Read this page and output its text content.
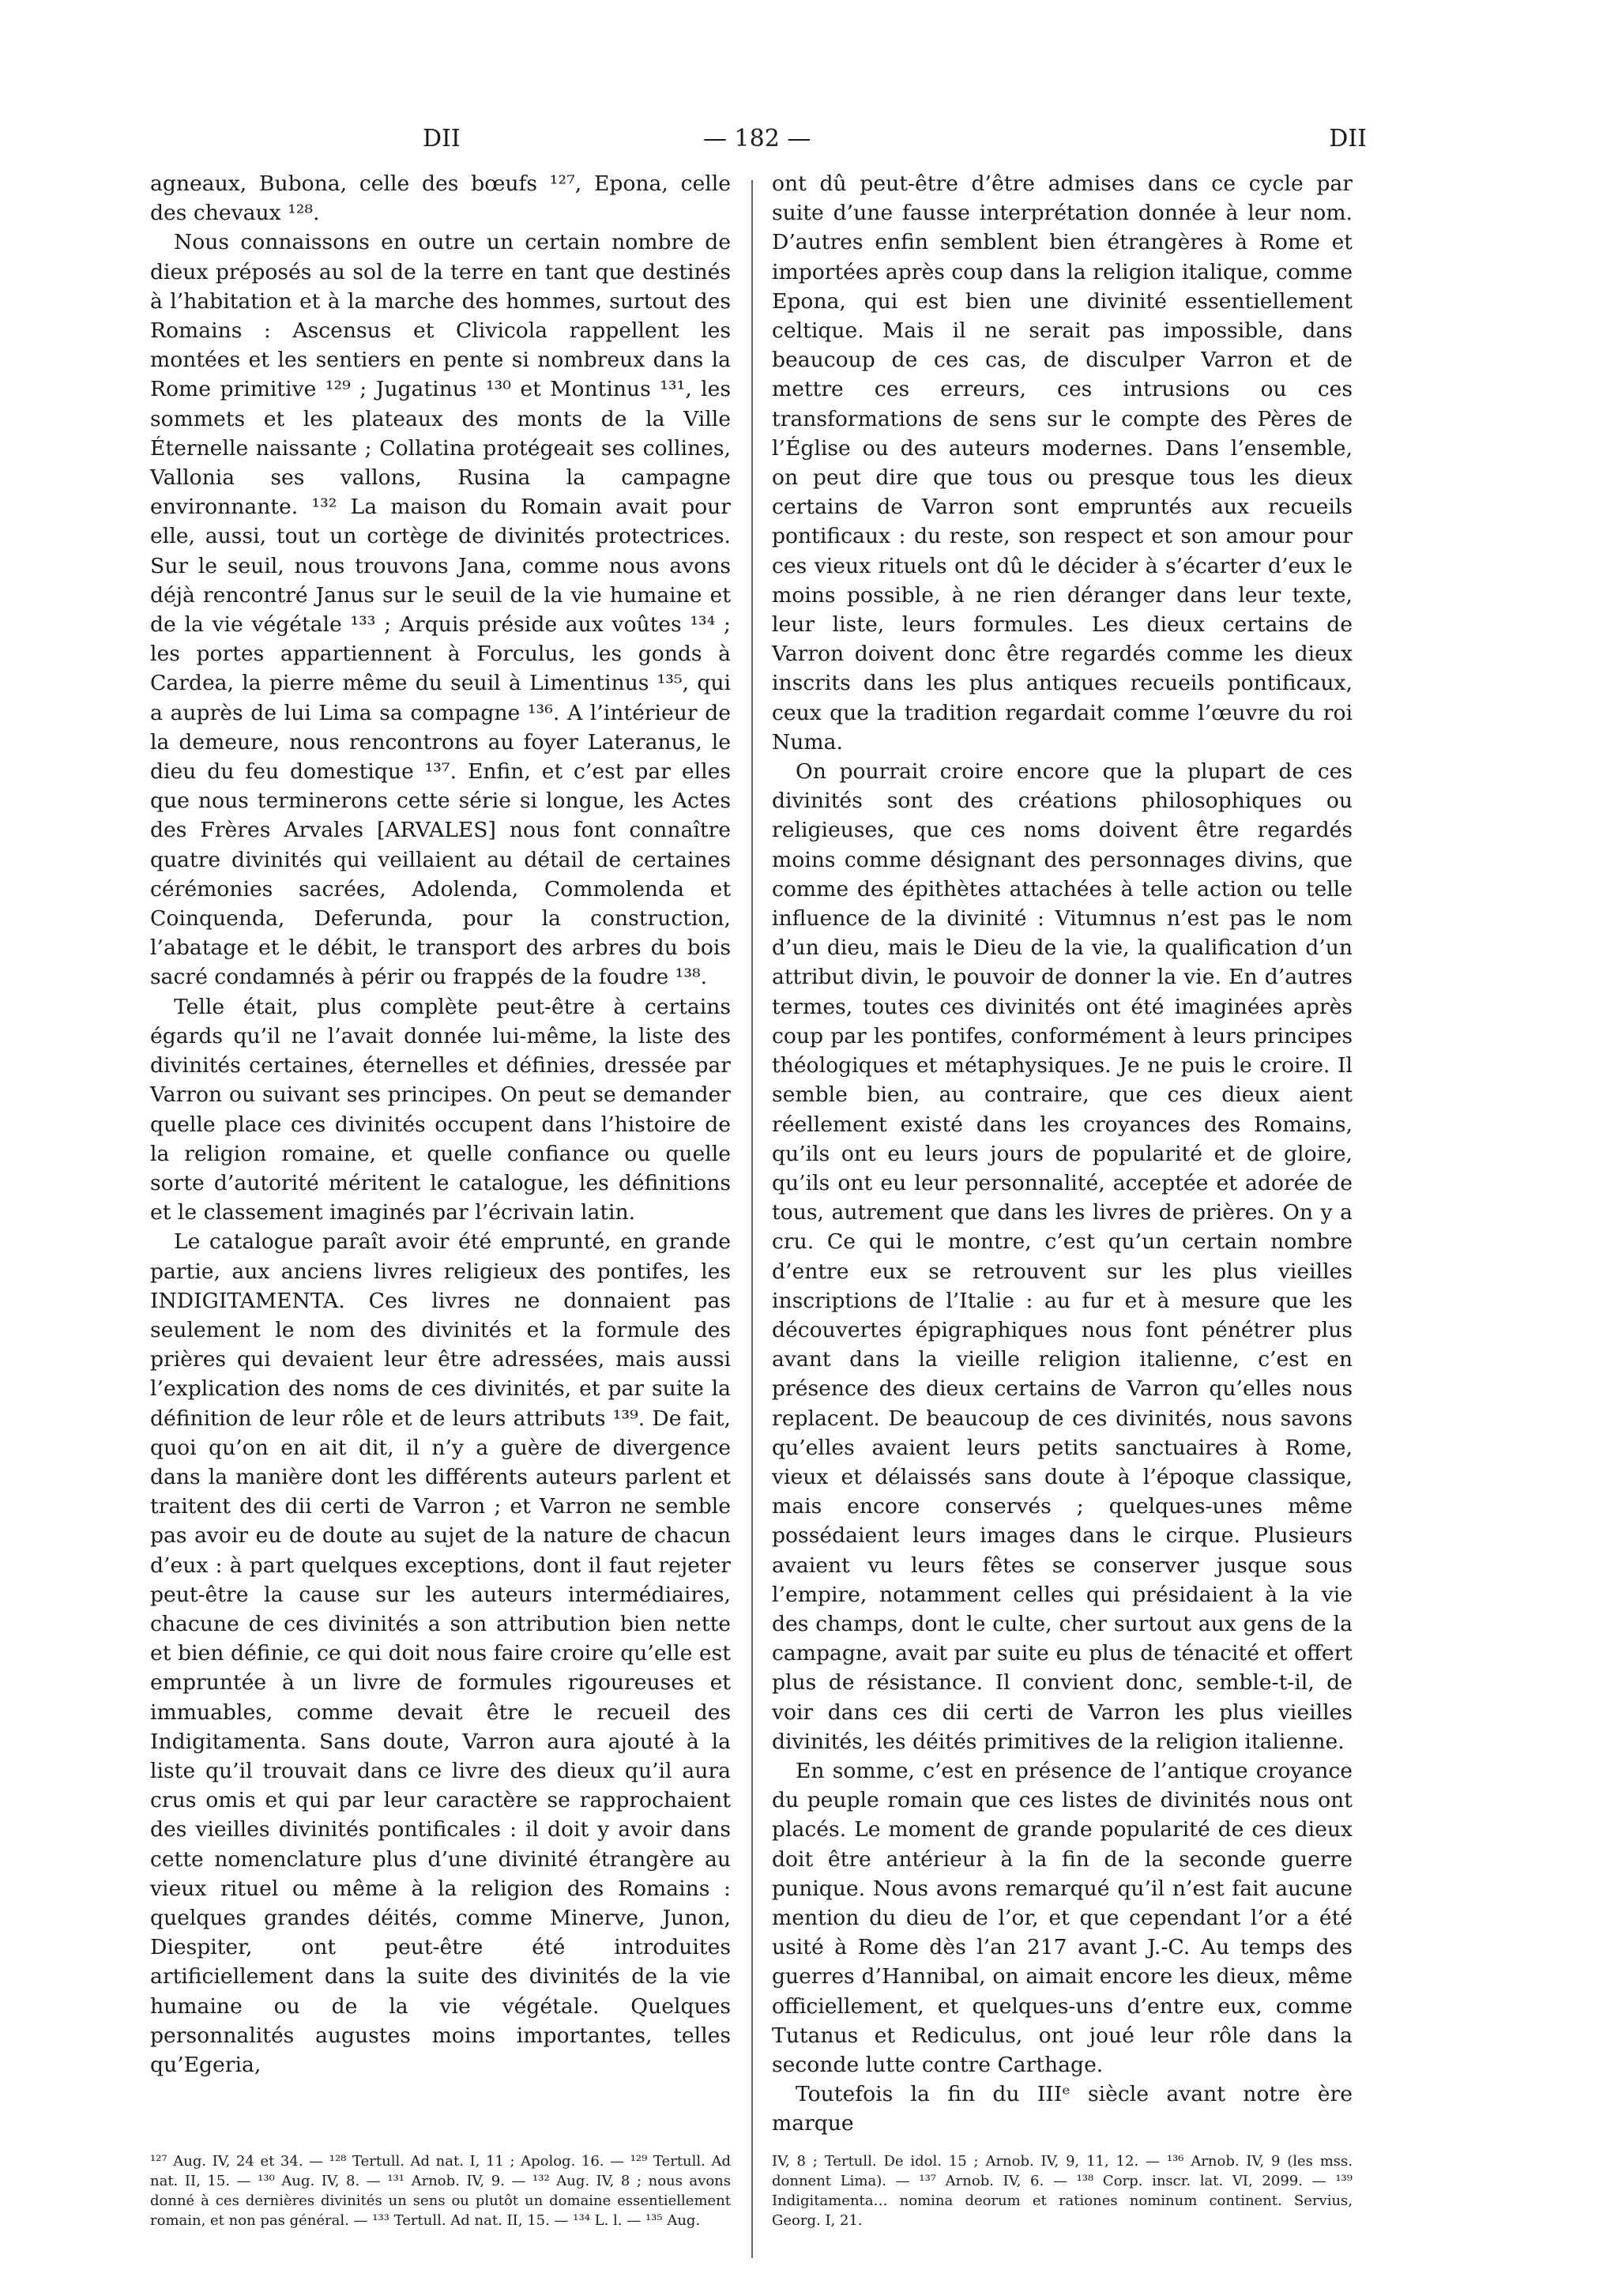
DII	— 182 —	DII

agneaux, Bubona, celle des bœufs ¹²⁷, Epona, celle des chevaux ¹²⁸.

Nous connaissons en outre un certain nombre de dieux préposés au sol de la terre en tant que destinés à l’habitation et à la marche des hommes, surtout des Romains : Ascensus et Clivicola rappellent les montées et les sentiers en pente si nombreux dans la Rome primitive ¹²⁹ ; Jugatinus ¹³⁰ et Montinus ¹³¹, les sommets et les plateaux des monts de la Ville Éternelle naissante ; Collatina protégeait ses collines, Vallonia ses vallons, Rusina la campagne environnante. ¹³² La maison du Romain avait pour elle, aussi, tout un cortège de divinités protectrices. Sur le seuil, nous trouvons Jana, comme nous avons déjà rencontré Janus sur le seuil de la vie humaine et de la vie végétale ¹³³ ; Arquis préside aux voûtes ¹³⁴ ; les portes appartiennent à Forculus, les gonds à Cardea, la pierre même du seuil à Limentinus ¹³⁵, qui a auprès de lui Lima sa compagne ¹³⁶. A l’intérieur de la demeure, nous rencontrons au foyer Lateranus, le dieu du feu domestique ¹³⁷. Enfin, et c’est par elles que nous terminerons cette série si longue, les Actes des Frères Arvales [ARVALES] nous font connaître quatre divinités qui veillaient au détail de certaines cérémonies sacrées, Adolenda, Commolenda et Coinquenda, Deferunda, pour la construction, l’abatage et le débit, le transport des arbres du bois sacré condamnés à périr ou frappés de la foudre ¹³⁸.

Telle était, plus complète peut-être à certains égards qu’il ne l’avait donnée lui-même, la liste des divinités certaines, éternelles et définies, dressée par Varron ou suivant ses principes. On peut se demander quelle place ces divinités occupent dans l’histoire de la religion romaine, et quelle confiance ou quelle sorte d’autorité méritent le catalogue, les définitions et le classement imaginés par l’écrivain latin.

Le catalogue paraît avoir été emprunté, en grande partie, aux anciens livres religieux des pontifes, les INDIGITAMENTA. Ces livres ne donnaient pas seulement le nom des divinités et la formule des prières qui devaient leur être adressées, mais aussi l’explication des noms de ces divinités, et par suite la définition de leur rôle et de leurs attributs ¹³⁹. De fait, quoi qu’on en ait dit, il n’y a guère de divergence dans la manière dont les différents auteurs parlent et traitent des dii certi de Varron ; et Varron ne semble pas avoir eu de doute au sujet de la nature de chacun d’eux : à part quelques exceptions, dont il faut rejeter peut-être la cause sur les auteurs intermédiaires, chacune de ces divinités a son attribution bien nette et bien définie, ce qui doit nous faire croire qu’elle est empruntée à un livre de formules rigoureuses et immuables, comme devait être le recueil des Indigitamenta. Sans doute, Varron aura ajouté à la liste qu’il trouvait dans ce livre des dieux qu’il aura crus omis et qui par leur caractère se rapprochaient des vieilles divinités pontificales : il doit y avoir dans cette nomenclature plus d’une divinité étrangère au vieux rituel ou même à la religion des Romains : quelques grandes déités, comme Minerve, Junon, Diespiter, ont peut-être été introduites artificiellement dans la suite des divinités de la vie humaine ou de la vie végétale. Quelques personnalités augustes moins importantes, telles qu’Egeria,

ont dû peut-être d’être admises dans ce cycle par suite d’une fausse interprétation donnée à leur nom. D’autres enfin semblent bien étrangères à Rome et importées après coup dans la religion italique, comme Epona, qui est bien une divinité essentiellement celtique. Mais il ne serait pas impossible, dans beaucoup de ces cas, de disculper Varron et de mettre ces erreurs, ces intrusions ou ces transformations de sens sur le compte des Pères de l’Église ou des auteurs modernes. Dans l’ensemble, on peut dire que tous ou presque tous les dieux certains de Varron sont empruntés aux recueils pontificaux : du reste, son respect et son amour pour ces vieux rituels ont dû le décider à s’écarter d’eux le moins possible, à ne rien déranger dans leur texte, leur liste, leurs formules. Les dieux certains de Varron doivent donc être regardés comme les dieux inscrits dans les plus antiques recueils pontificaux, ceux que la tradition regardait comme l’œuvre du roi Numa.

On pourrait croire encore que la plupart de ces divinités sont des créations philosophiques ou religieuses, que ces noms doivent être regardés moins comme désignant des personnages divins, que comme des épithètes attachées à telle action ou telle influence de la divinité : Vitumnus n’est pas le nom d’un dieu, mais le Dieu de la vie, la qualification d’un attribut divin, le pouvoir de donner la vie. En d’autres termes, toutes ces divinités ont été imaginées après coup par les pontifes, conformément à leurs principes théologiques et métaphysiques. Je ne puis le croire. Il semble bien, au contraire, que ces dieux aient réellement existé dans les croyances des Romains, qu’ils ont eu leurs jours de popularité et de gloire, qu’ils ont eu leur personnalité, acceptée et adorée de tous, autrement que dans les livres de prières. On y a cru. Ce qui le montre, c’est qu’un certain nombre d’entre eux se retrouvent sur les plus vieilles inscriptions de l’Italie : au fur et à mesure que les découvertes épigraphiques nous font pénétrer plus avant dans la vieille religion italienne, c’est en présence des dieux certains de Varron qu’elles nous replacent. De beaucoup de ces divinités, nous savons qu’elles avaient leurs petits sanctuaires à Rome, vieux et délaissés sans doute à l’époque classique, mais encore conservés ; quelques-unes même possédaient leurs images dans le cirque. Plusieurs avaient vu leurs fêtes se conserver jusque sous l’empire, notamment celles qui présidaient à la vie des champs, dont le culte, cher surtout aux gens de la campagne, avait par suite eu plus de ténacité et offert plus de résistance. Il convient donc, semble-t-il, de voir dans ces dii certi de Varron les plus vieilles divinités, les déités primitives de la religion italienne.

En somme, c’est en présence de l’antique croyance du peuple romain que ces listes de divinités nous ont placés. Le moment de grande popularité de ces dieux doit être antérieur à la fin de la seconde guerre punique. Nous avons remarqué qu’il n’est fait aucune mention du dieu de l’or, et que cependant l’or a été usité à Rome dès l’an 217 avant J.-C. Au temps des guerres d’Hannibal, on aimait encore les dieux, même officiellement, et quelques-uns d’entre eux, comme Tutanus et Rediculus, ont joué leur rôle dans la seconde lutte contre Carthage.

Toutefois la fin du IIIᵉ siècle avant notre ère marque

¹²⁷ Aug. IV, 24 et 34. — ¹²⁸ Tertull. Ad nat. I, 11 ; Apolog. 16. — ¹²⁹ Tertull. Ad nat. II, 15. — ¹³⁰ Aug. IV, 8. — ¹³¹ Arnob. IV, 9. — ¹³² Aug. IV, 8 ; nous avons donné à ces dernières divinités un sens ou plutôt un domaine essentiellement romain, et non pas général. — ¹³³ Tertull. Ad nat. II, 15. — ¹³⁴ L. l. — ¹³⁵ Aug.
IV, 8 ; Tertull. De idol. 15 ; Arnob. IV, 9, 11, 12. — ¹³⁶ Arnob. IV, 9 (les mss. donnent Lima). — ¹³⁷ Arnob. IV, 6. — ¹³⁸ Corp. inscr. lat. VI, 2099. — ¹³⁹ Indigitamenta… nomina deorum et rationes nominum continent. Servius, Georg. I, 21.
